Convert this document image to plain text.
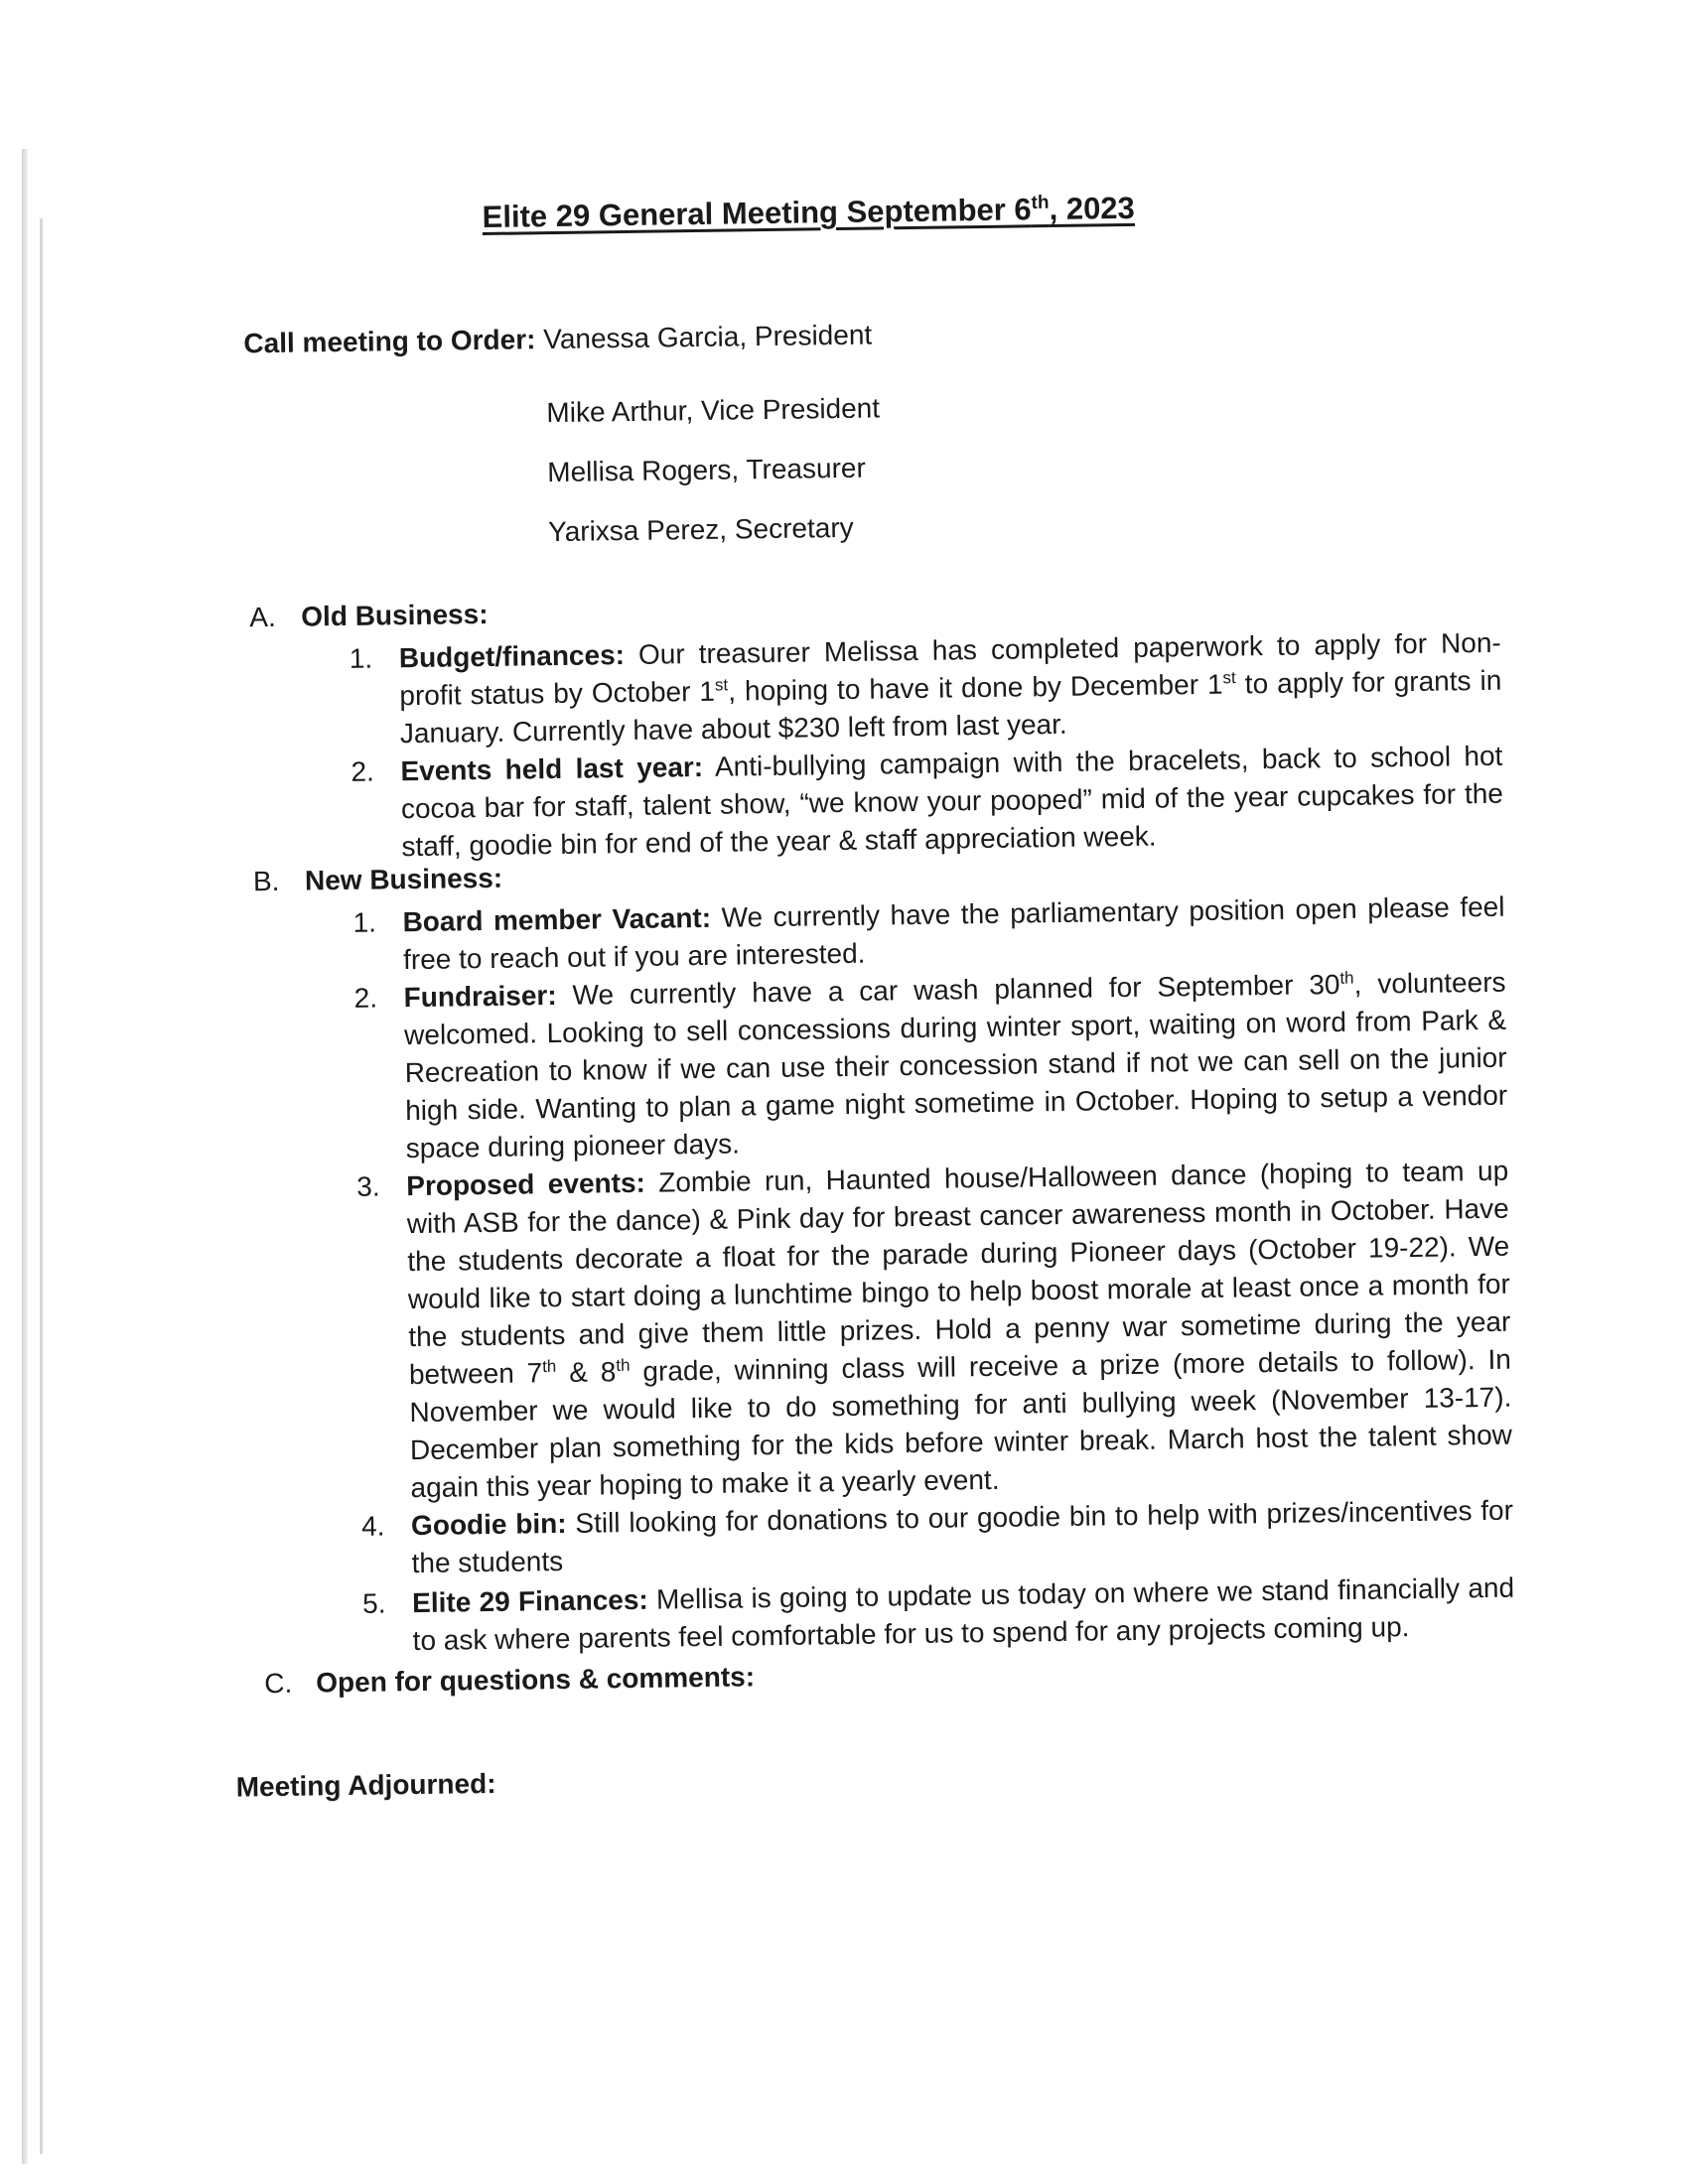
Elite 29 General Meeting September 6th, 2023
Call meeting to Order: Vanessa Garcia, President
Mike Arthur, Vice President
Mellisa Rogers, Treasurer
Yarixsa Perez, Secretary
A. Old Business:
1. Budget/finances: Our treasurer Melissa has completed paperwork to apply for Non- profit status by October 1st, hoping to have it done by December 1st to apply for grants in January. Currently have about $230 left from last year.
2. Events held last year: Anti-bullying campaign with the bracelets, back to school hot cocoa bar for staff, talent show, “we know your pooped” mid of the year cupcakes for the staff, goodie bin for end of the year & staff appreciation week.
B. New Business:
1. Board member Vacant: We currently have the parliamentary position open please feel free to reach out if you are interested.
2. Fundraiser: We currently have a car wash planned for September 30th, volunteers welcomed. Looking to sell concessions during winter sport, waiting on word from Park & Recreation to know if we can use their concession stand if not we can sell on the junior high side. Wanting to plan a game night sometime in October. Hoping to setup a vendor space during pioneer days.
3. Proposed events: Zombie run, Haunted house/Halloween dance (hoping to team up with ASB for the dance) & Pink day for breast cancer awareness month in October. Have the students decorate a float for the parade during Pioneer days (October 19-22). We would like to start doing a lunchtime bingo to help boost morale at least once a month for the students and give them little prizes. Hold a penny war sometime during the year between 7th & 8th grade, winning class will receive a prize (more details to follow). In November we would like to do something for anti bullying week (November 13-17). December plan something for the kids before winter break. March host the talent show again this year hoping to make it a yearly event.
4. Goodie bin: Still looking for donations to our goodie bin to help with prizes/incentives for the students
5. Elite 29 Finances: Mellisa is going to update us today on where we stand financially and to ask where parents feel comfortable for us to spend for any projects coming up.
C. Open for questions & comments:
Meeting Adjourned:
